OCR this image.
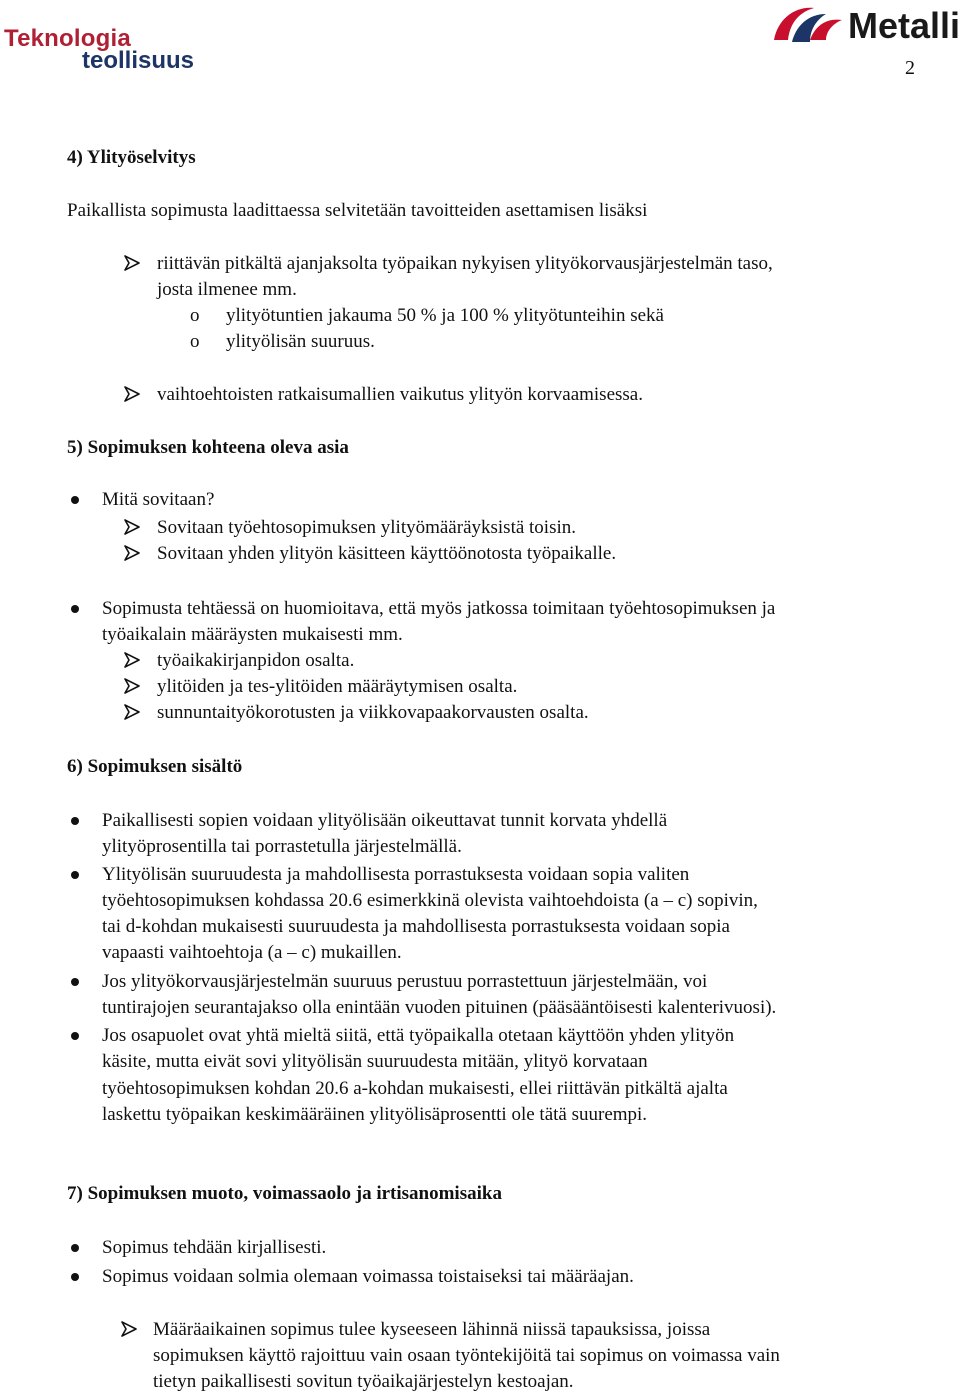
Teknologia
teollisuus
Metalli
2
4) Ylityöselvitys
Paikallista sopimusta laadittaessa selvitetään tavoitteiden asettamisen lisäksi
riittävän pitkältä ajanjaksolta työpaikan nykyisen ylityökorvausjärjestelmän taso,
josta ilmenee mm.
o ylityötuntien jakauma 50 % ja 100 % ylityötunteihin sekä
o ylityölisän suuruus.
vaihtoehtoisten ratkaisumallien vaikutus ylityön korvaamisessa.
5) Sopimuksen kohteena oleva asia
Mitä sovitaan?
Sovitaan työehtosopimuksen ylityömääräyksistä toisin.
Sovitaan yhden ylityön käsitteen käyttöönotosta työpaikalle.
Sopimusta tehtäessä on huomioitava, että myös jatkossa toimitaan työehtosopimuksen ja
työaikalain määräysten mukaisesti mm.
työaikakirjanpidon osalta.
ylitöiden ja tes-ylitöiden määräytymisen osalta.
sunnuntaityökorotusten ja viikkovapaakorvausten osalta.
6) Sopimuksen sisältö
Paikallisesti sopien voidaan ylityölisään oikeuttavat tunnit korvata yhdellä
ylityöprosentilla tai porrastetulla järjestelmällä.
Ylityölisän suuruudesta ja mahdollisesta porrastuksesta voidaan sopia valiten
työehtosopimuksen kohdassa 20.6 esimerkkinä olevista vaihtoehdoista (a – c) sopivin,
tai d-kohdan mukaisesti suuruudesta ja mahdollisesta porrastuksesta voidaan sopia
vapaasti vaihtoehtoja (a – c) mukaillen.
Jos ylityökorvausjärjestelmän suuruus perustuu porrastettuun järjestelmään, voi
tuntirajojen seurantajakso olla enintään vuoden pituinen (pääsääntöisesti kalenterivuosi).
Jos osapuolet ovat yhtä mieltä siitä, että työpaikalla otetaan käyttöön yhden ylityön
käsite, mutta eivät sovi ylityölisän suuruudesta mitään, ylityö korvataan
työehtosopimuksen kohdan 20.6 a-kohdan mukaisesti, ellei riittävän pitkältä ajalta
laskettu työpaikan keskimääräinen ylityölisäprosentti ole tätä suurempi.
7) Sopimuksen muoto, voimassaolo ja irtisanomisaika
Sopimus tehdään kirjallisesti.
Sopimus voidaan solmia olemaan voimassa toistaiseksi tai määräajan.
Määräaikainen sopimus tulee kyseeseen lähinnä niissä tapauksissa, joissa
sopimuksen käyttö rajoittuu vain osaan työntekijöitä tai sopimus on voimassa vain
tietyn paikallisesti sovitun työaikajärjestelyn kestoajan.
